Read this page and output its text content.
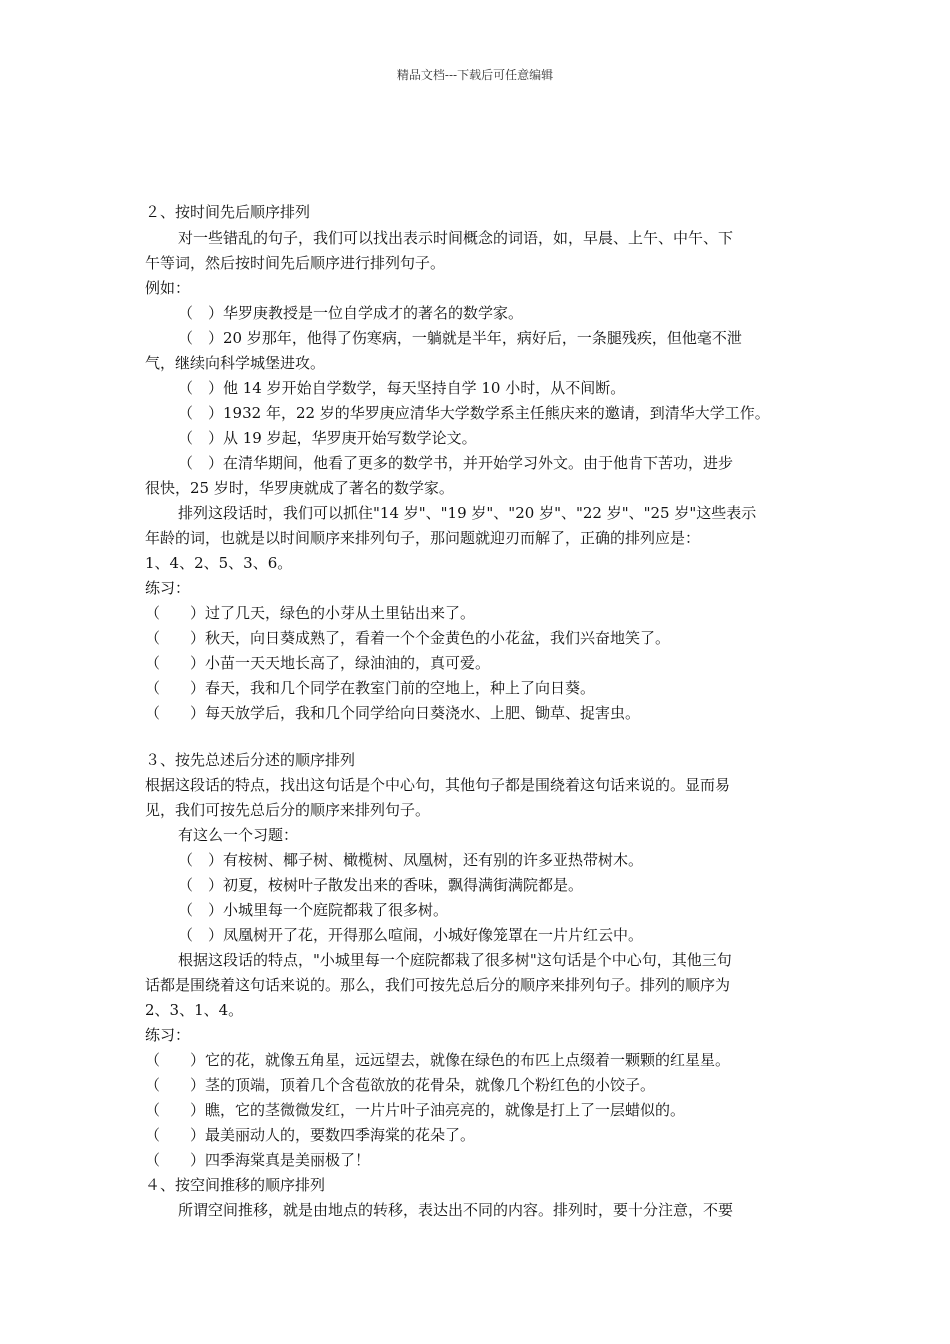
精品文档---下载后可任意编辑
２、按时间先后顺序排列
对一些错乱的句子，我们可以找出表示时间概念的词语，如，早晨、上午、中午、下
午等词，然后按时间先后顺序进行排列句子。
例如：
（　）华罗庚教授是一位自学成才的著名的数学家。
（　）20 岁那年，他得了伤寒病，一躺就是半年，病好后，一条腿残疾，但他毫不泄
气，继续向科学城堡进攻。
（　）他 14 岁开始自学数学，每天坚持自学 10 小时，从不间断。
（　）1932 年，22 岁的华罗庚应清华大学数学系主任熊庆来的邀请，到清华大学工作。
（　）从 19 岁起，华罗庚开始写数学论文。
（　）在清华期间，他看了更多的数学书，并开始学习外文。由于他肯下苦功，进步
很快，25 岁时，华罗庚就成了著名的数学家。
排列这段话时，我们可以抓住"14 岁"、"19 岁"、"20 岁"、"22 岁"、"25 岁"这些表示
年龄的词，也就是以时间顺序来排列句子，那问题就迎刃而解了，正确的排列应是：
1、4、2、5、3、6。
练习：
（　　）过了几天，绿色的小芽从土里钻出来了。
（　　）秋天，向日葵成熟了，看着一个个金黄色的小花盆，我们兴奋地笑了。
（　　）小苗一天天地长高了，绿油油的，真可爱。
（　　）春天，我和几个同学在教室门前的空地上，种上了向日葵。
（　　）每天放学后，我和几个同学给向日葵浇水、上肥、锄草、捉害虫。
３、按先总述后分述的顺序排列
根据这段话的特点，找出这句话是个中心句，其他句子都是围绕着这句话来说的。显而易
见，我们可按先总后分的顺序来排列句子。
有这么一个习题：
（　）有桉树、椰子树、橄榄树、凤凰树，还有别的许多亚热带树木。
（　）初夏，桉树叶子散发出来的香味，飘得满街满院都是。
（　）小城里每一个庭院都栽了很多树。
（　）凤凰树开了花，开得那么喧闹，小城好像笼罩在一片片红云中。
根据这段话的特点，"小城里每一个庭院都栽了很多树"这句话是个中心句，其他三句
话都是围绕着这句话来说的。那么，我们可按先总后分的顺序来排列句子。排列的顺序为
2、3、1、4。
练习：
（　　）它的花，就像五角星，远远望去，就像在绿色的布匹上点缀着一颗颗的红星星。
（　　）茎的顶端，顶着几个含苞欲放的花骨朵，就像几个粉红色的小饺子。
（　　）瞧，它的茎微微发红，一片片叶子油亮亮的，就像是打上了一层蜡似的。
（　　）最美丽动人的，要数四季海棠的花朵了。
（　　）四季海棠真是美丽极了！
４、按空间推移的顺序排列
所谓空间推移，就是由地点的转移，表达出不同的内容。排列时，要十分注意，不要
